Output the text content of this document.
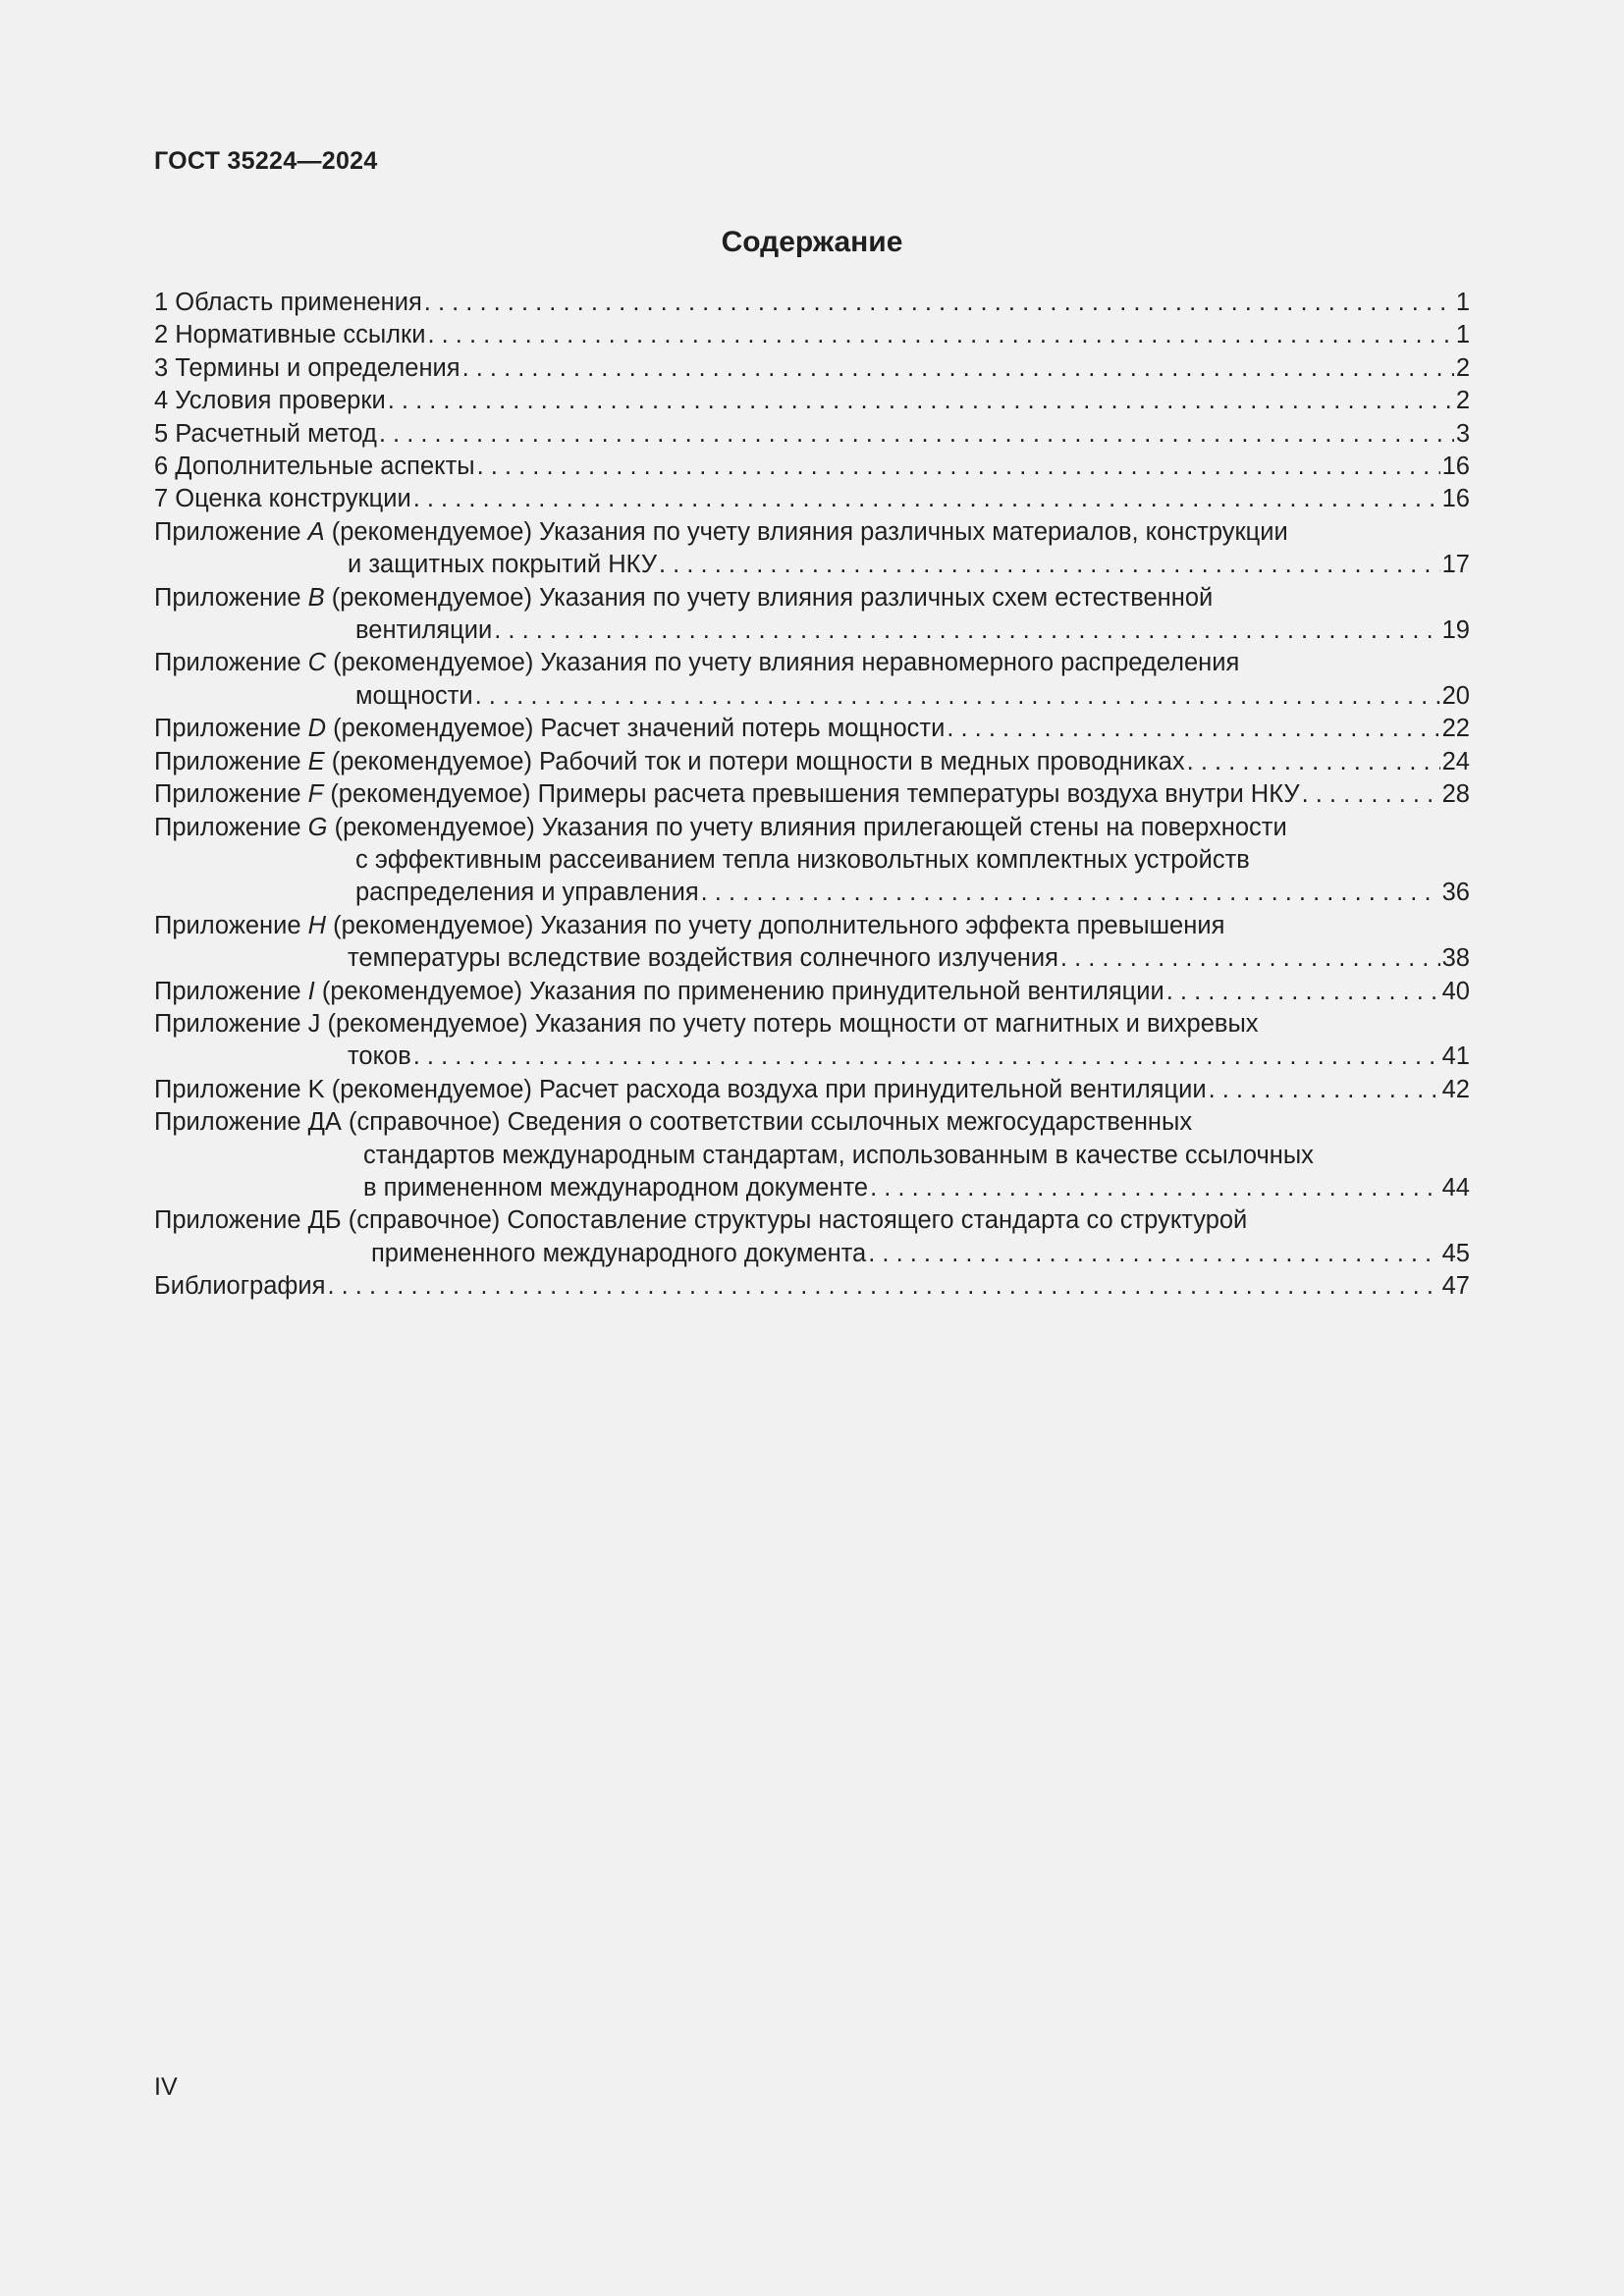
ГОСТ 35224—2024
Содержание
1 Область применения . . .	1
2 Нормативные ссылки . . .	1
3 Термины и определения . . .	2
4 Условия проверки . . .	2
5 Расчетный метод . . .	3
6 Дополнительные аспекты . . .	16
7 Оценка конструкции . . .	16
Приложение А (рекомендуемое) Указания по учету влияния различных материалов, конструкции
и защитных покрытий НКУ . . .	17
Приложение В (рекомендуемое) Указания по учету влияния различных схем естественной
вентиляции . . .	19
Приложение С (рекомендуемое) Указания по учету влияния неравномерного распределения
мощности . . .	20
Приложение D (рекомендуемое) Расчет значений потерь мощности . . .	22
Приложение E (рекомендуемое) Рабочий ток и потери мощности в медных проводниках . . .	24
Приложение F (рекомендуемое) Примеры расчета превышения температуры воздуха внутри НКУ . . .	28
Приложение G (рекомендуемое) Указания по учету влияния прилегающей стены на поверхности
с эффективным рассеиванием тепла низковольтных комплектных устройств
распределения и управления . . .	36
Приложение H (рекомендуемое) Указания по учету дополнительного эффекта превышения
температуры вследствие воздействия солнечного излучения . . .	38
Приложение I (рекомендуемое) Указания по применению принудительной вентиляции . . .	40
Приложение J (рекомендуемое) Указания по учету потерь мощности от магнитных и вихревых
токов . . .	41
Приложение K (рекомендуемое) Расчет расхода воздуха при принудительной вентиляции . . .	42
Приложение ДА (справочное) Сведения о соответствии ссылочных межгосударственных
стандартов международным стандартам, использованным в качестве ссылочных
в примененном международном документе . . .	44
Приложение ДБ (справочное) Сопоставление структуры настоящего стандарта со структурой
примененного международного документа . . .	45
Библиография . . .	47
IV
